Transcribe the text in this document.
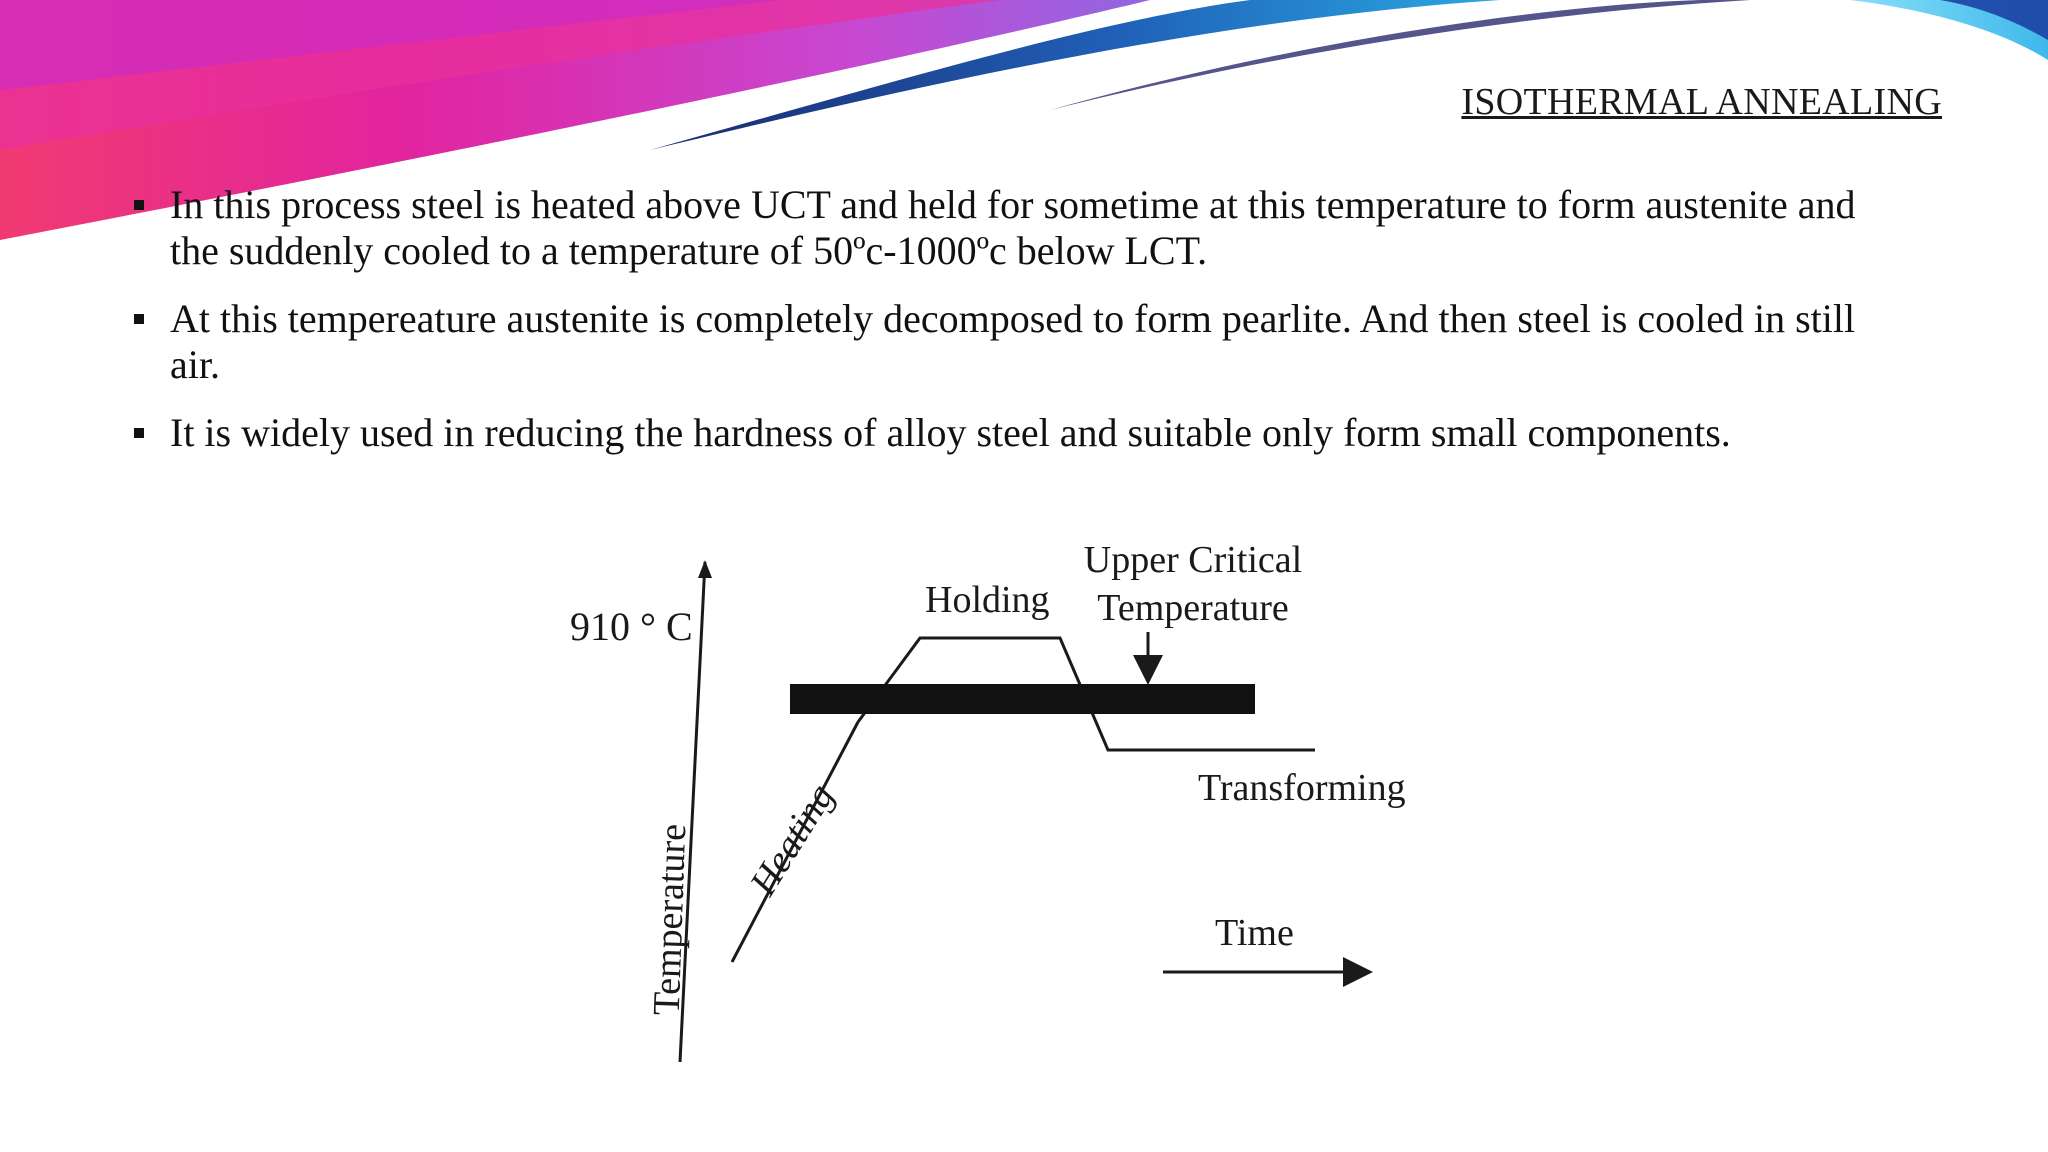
ISOTHERMAL ANNEALING
In this process steel is heated above UCT and held for sometime at this temperature to form austenite and the suddenly cooled to a temperature of 50ºc-1000ºc below LCT.
At this tempereature austenite is completely decomposed to form pearlite. And then steel is cooled in still air.
It is widely used in reducing the hardness of alloy steel and suitable only form small components.
910 ° C
Temperature Heating
Holding
Upper Critical
Temperature
Transforming
Time
